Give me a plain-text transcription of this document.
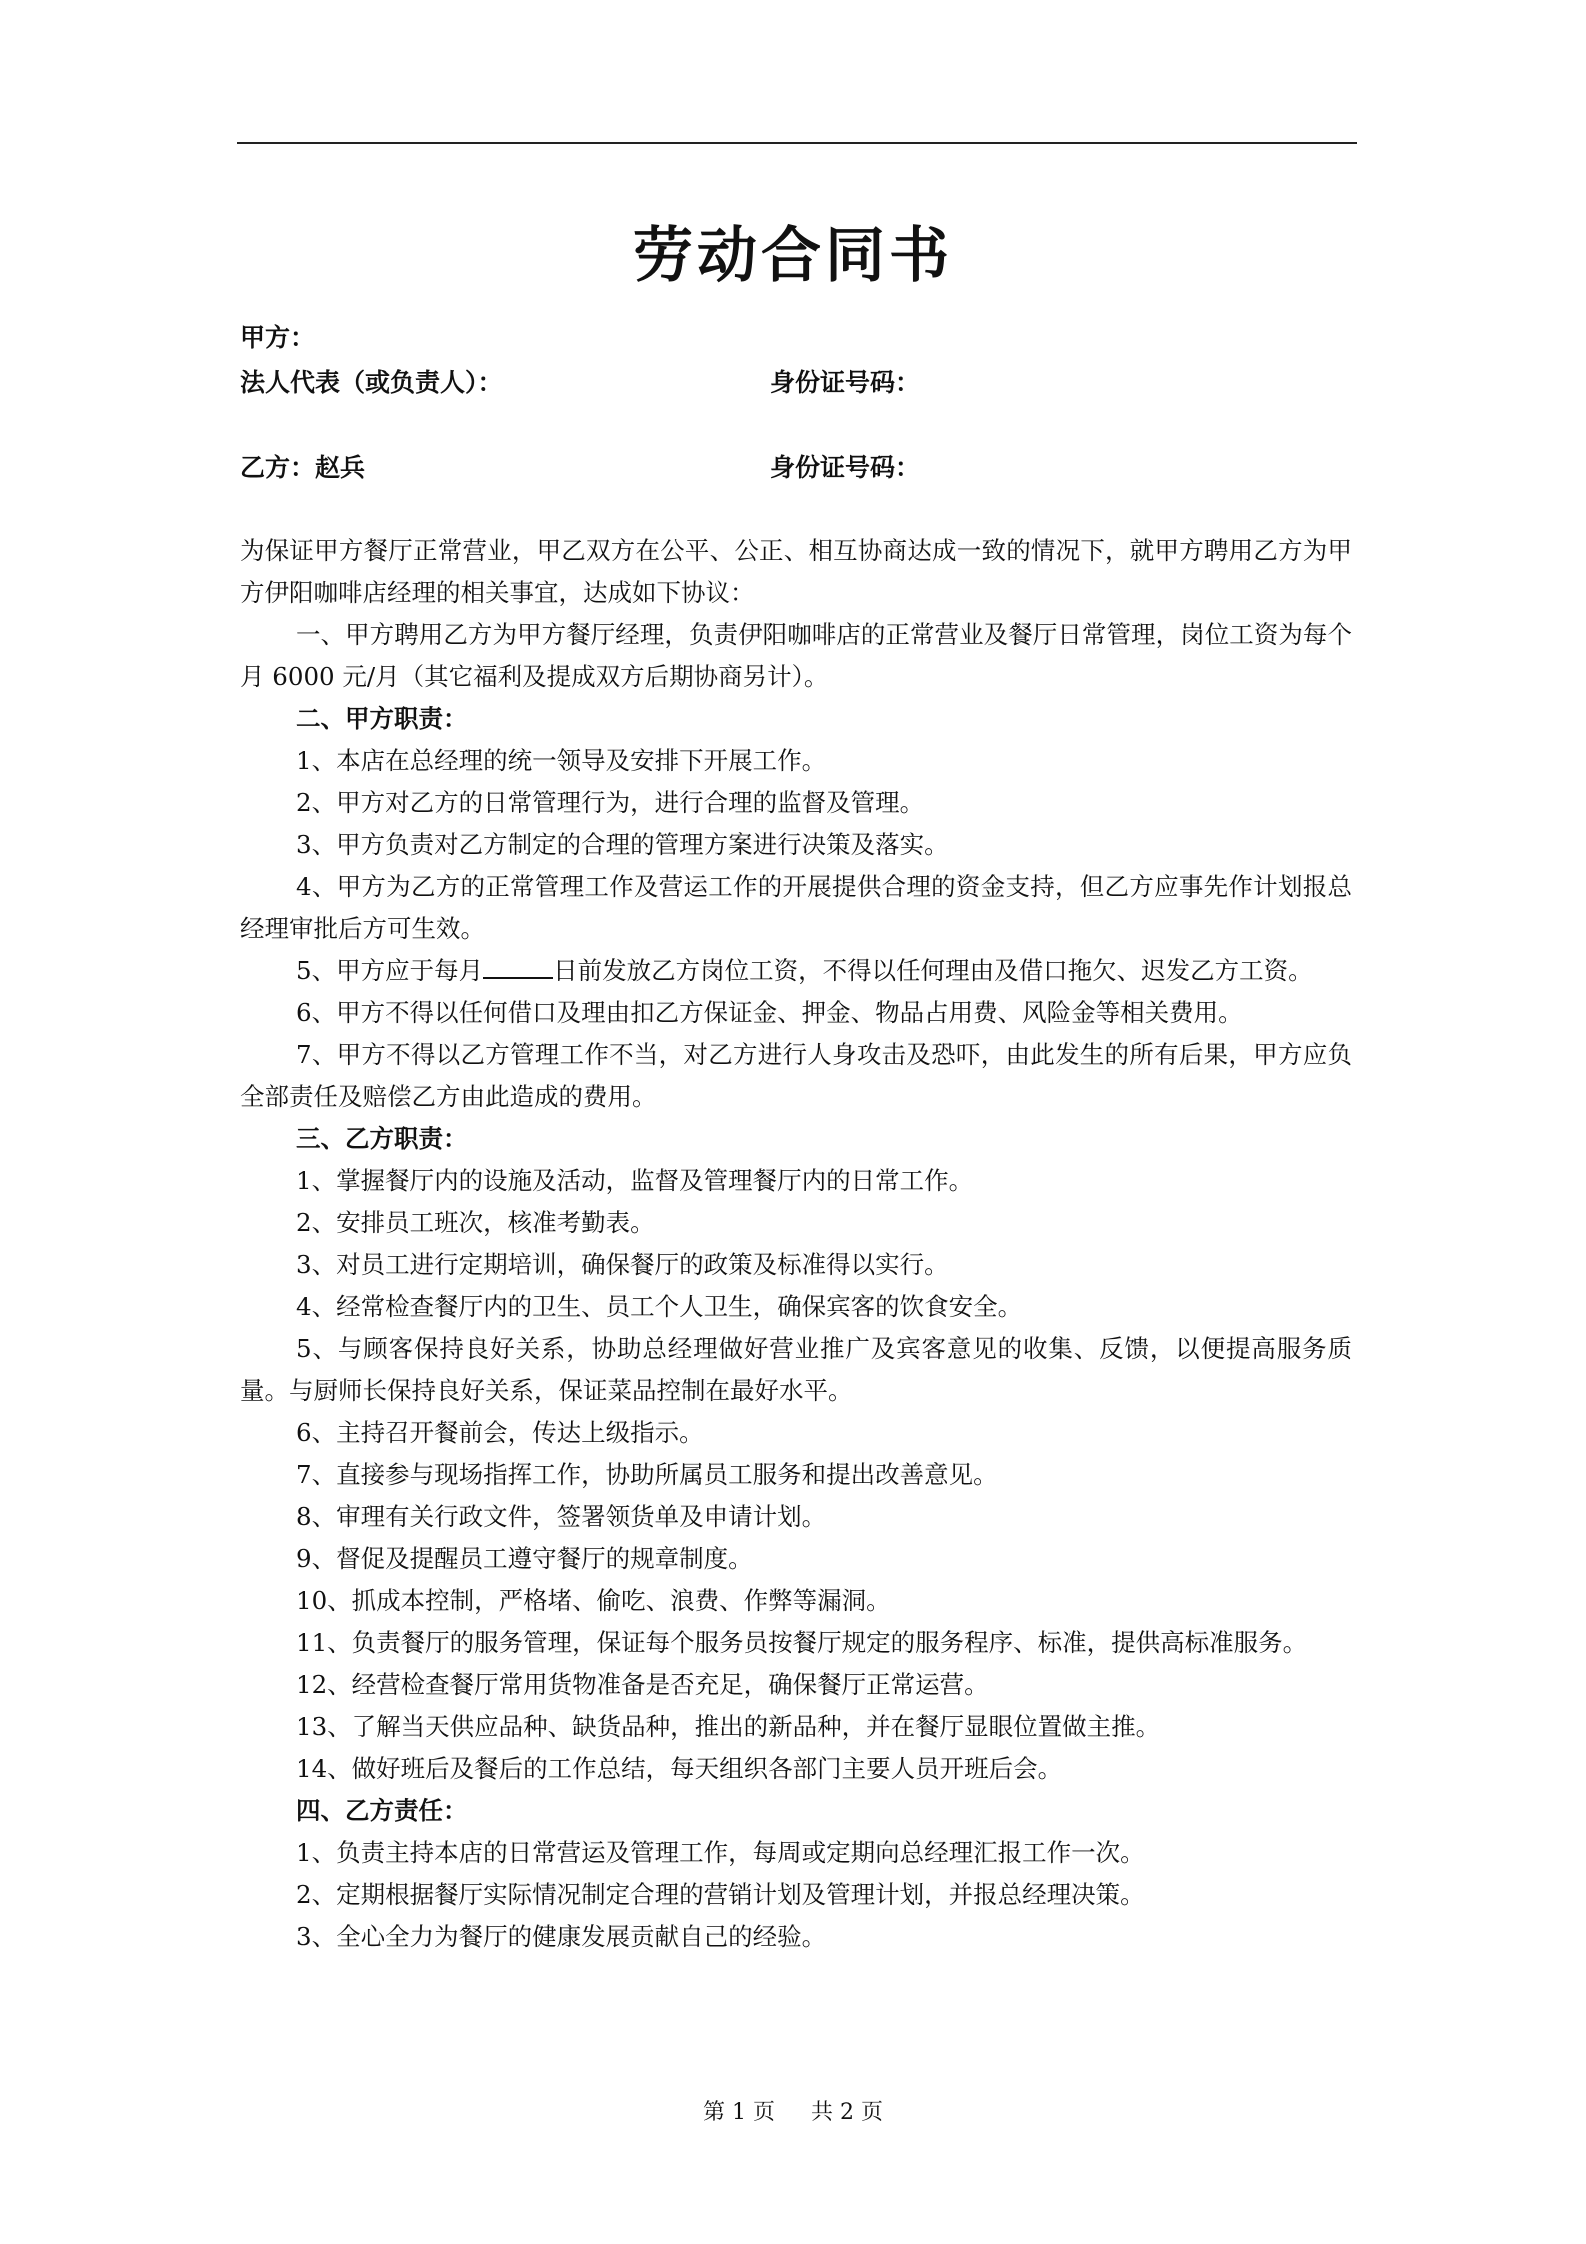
劳动合同书
甲方：
法人代表（或负责人）：	身份证号码：
乙方：赵兵	身份证号码：

为保证甲方餐厅正常营业，甲乙双方在公平、公正、相互协商达成一致的情况下，就甲方聘用乙方为甲方伊阳咖啡店经理的相关事宜，达成如下协议：

一、甲方聘用乙方为甲方餐厅经理，负责伊阳咖啡店的正常营业及餐厅日常管理，岗位工资为每个月 6000 元/月（其它福利及提成双方后期协商另计）。

二、甲方职责：

1、本店在总经理的统一领导及安排下开展工作。

2、甲方对乙方的日常管理行为，进行合理的监督及管理。

3、甲方负责对乙方制定的合理的管理方案进行决策及落实。

4、甲方为乙方的正常管理工作及营运工作的开展提供合理的资金支持，但乙方应事先作计划报总经理审批后方可生效。

5、甲方应于每月	日前发放乙方岗位工资，不得以任何理由及借口拖欠、迟发乙方工资。

6、甲方不得以任何借口及理由扣乙方保证金、押金、物品占用费、风险金等相关费用。

7、甲方不得以乙方管理工作不当，对乙方进行人身攻击及恐吓，由此发生的所有后果，甲方应负全部责任及赔偿乙方由此造成的费用。

三、乙方职责：

1、掌握餐厅内的设施及活动，监督及管理餐厅内的日常工作。

2、安排员工班次，核准考勤表。

3、对员工进行定期培训，确保餐厅的政策及标准得以实行。

4、经常检查餐厅内的卫生、员工个人卫生，确保宾客的饮食安全。

5、与顾客保持良好关系，协助总经理做好营业推广及宾客意见的收集、反馈，以便提高服务质量。与厨师长保持良好关系，保证菜品控制在最好水平。

6、主持召开餐前会，传达上级指示。

7、直接参与现场指挥工作，协助所属员工服务和提出改善意见。

8、审理有关行政文件，签署领货单及申请计划。

9、督促及提醒员工遵守餐厅的规章制度。

10、抓成本控制，严格堵、偷吃、浪费、作弊等漏洞。

11、负责餐厅的服务管理，保证每个服务员按餐厅规定的服务程序、标准，提供高标准服务。

12、经营检查餐厅常用货物准备是否充足，确保餐厅正常运营。

13、了解当天供应品种、缺货品种，推出的新品种，并在餐厅显眼位置做主推。

14、做好班后及餐后的工作总结，每天组织各部门主要人员开班后会。

四、乙方责任：

1、负责主持本店的日常营运及管理工作，每周或定期向总经理汇报工作一次。

2、定期根据餐厅实际情况制定合理的营销计划及管理计划，并报总经理决策。

3、全心全力为餐厅的健康发展贡献自己的经验。

第 1 页 共 2 页
